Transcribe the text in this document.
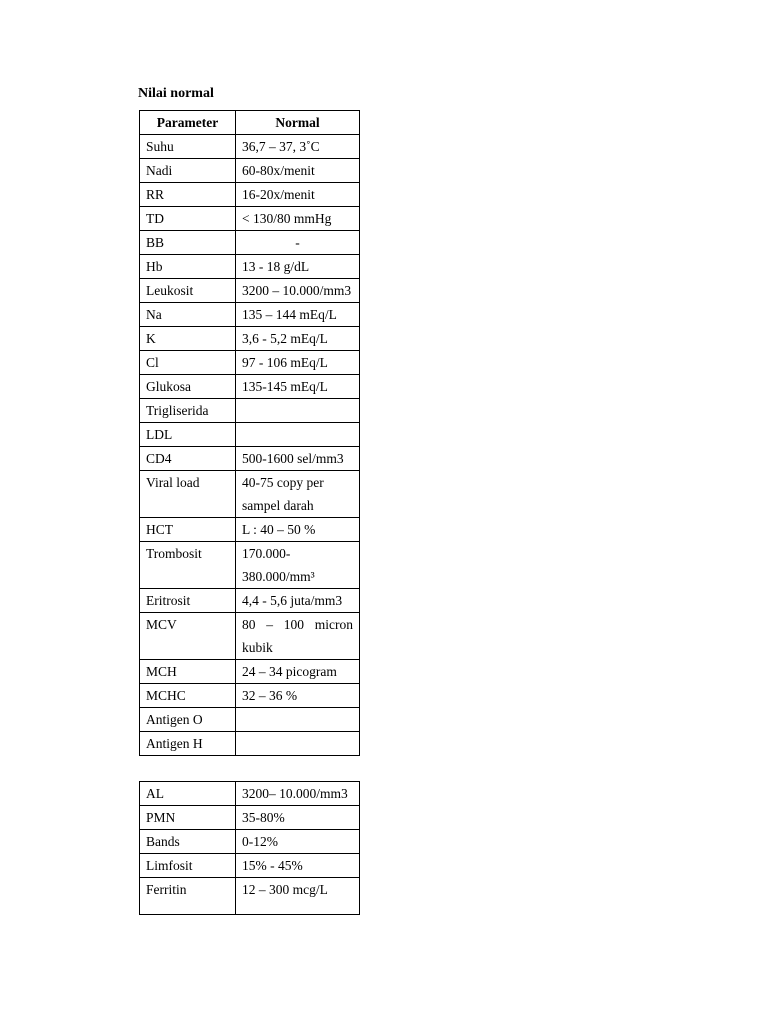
Nilai normal
Parameter	Normal
Suhu	36,7 – 37, 3˚C
Nadi	60-80x/menit
RR	16-20x/menit
TD	< 130/80 mmHg
BB	-
Hb	13 - 18 g/dL
Leukosit	3200 – 10.000/mm3
Na	135 – 144 mEq/L
K	3,6 - 5,2 mEq/L
Cl	97 - 106 mEq/L
Glukosa	135-145 mEq/L
Trigliserida	
LDL	
CD4	500-1600 sel/mm3
Viral load	40-75 copy per
sampel darah
HCT	L : 40 – 50 %
Trombosit	170.000-
380.000/mm³
Eritrosit	4,4 - 5,6 juta/mm3
MCV	80 – 100 micron kubik
MCH	24 – 34 picogram
MCHC	32 – 36 %
Antigen O	
Antigen H	
AL	3200– 10.000/mm3
PMN	35-80%
Bands	0-12%
Limfosit	15% - 45%
Ferritin	12 – 300 mcg/L
